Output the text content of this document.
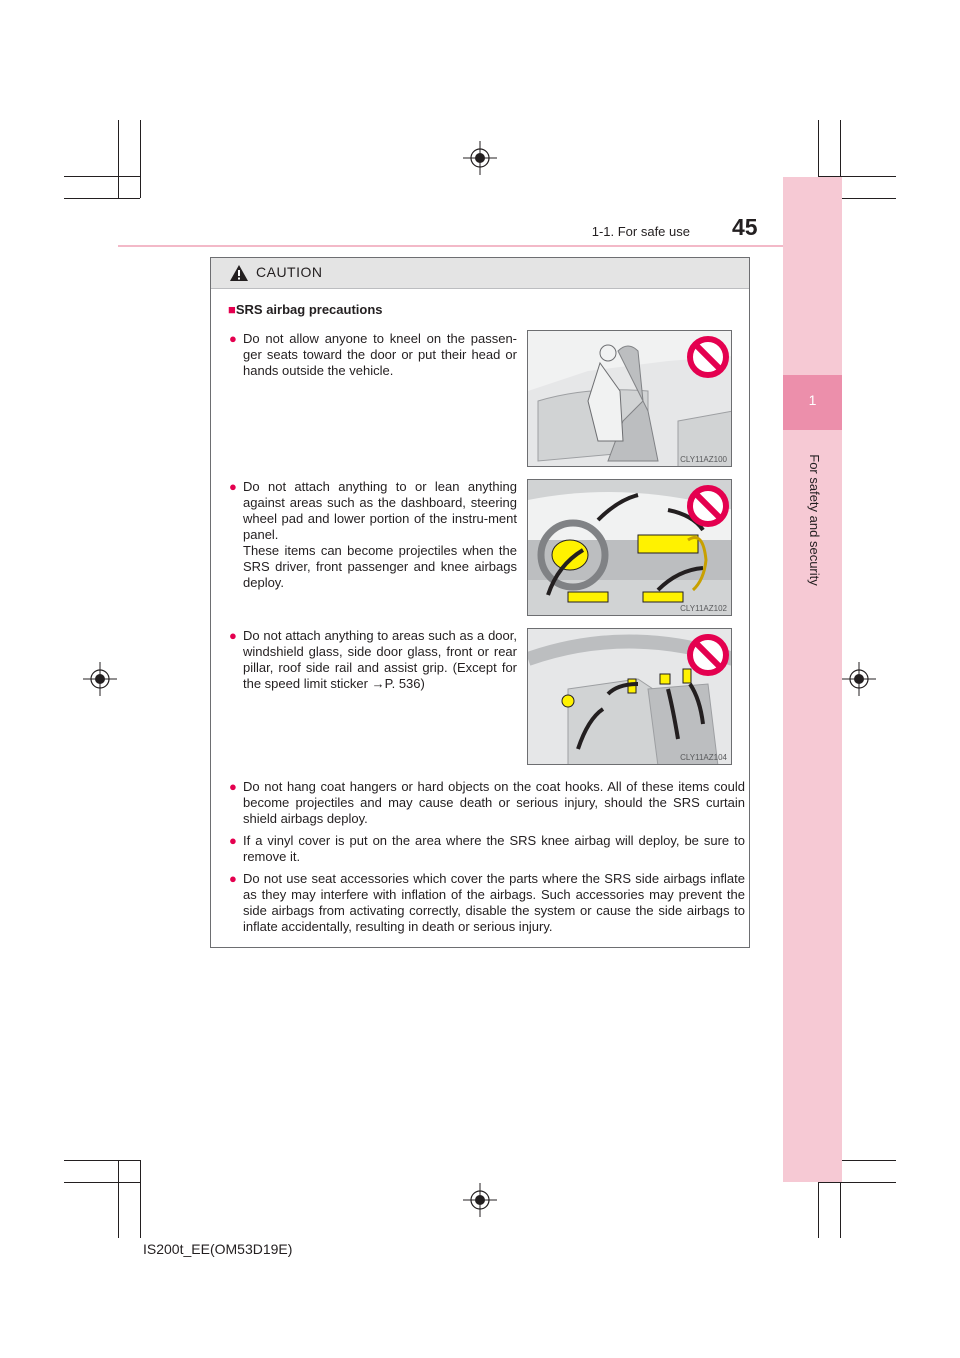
1
For safety and security
1-1. For safe use 45
CAUTION
■SRS airbag precautions
● Do not allow anyone to kneel on the passen-ger seats toward the door or put their head or hands outside the vehicle.
CLY11AZ100
● Do not attach anything to or lean anything against areas such as the dashboard, steering wheel pad and lower portion of the instru-ment panel.
These items can become projectiles when the SRS driver, front passenger and knee airbags deploy.
CLY11AZ102
● Do not attach anything to areas such as a door, windshield glass, side door glass, front or rear pillar, roof side rail and assist grip. (Except for the speed limit sticker →P. 536)
CLY11AZ104
● Do not hang coat hangers or hard objects on the coat hooks. All of these items could become projectiles and may cause death or serious injury, should the SRS curtain shield airbags deploy.
● If a vinyl cover is put on the area where the SRS knee airbag will deploy, be sure to remove it.
● Do not use seat accessories which cover the parts where the SRS side airbags inflate as they may interfere with inflation of the airbags. Such accessories may prevent the side airbags from activating correctly, disable the system or cause the side airbags to inflate accidentally, resulting in death or serious injury.
IS200t_EE(OM53D19E)
